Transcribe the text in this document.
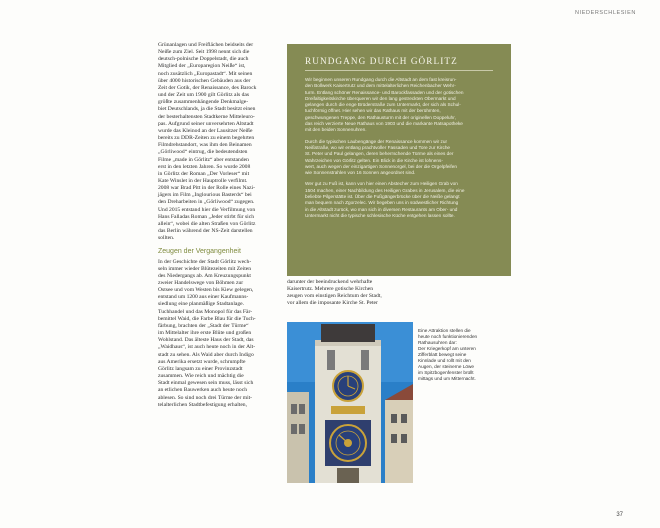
NIEDERSCHLESIEN

Grünanlagen und Freiflächen beidseits der

Neiße zum Ziel. Seit 1998 nennt sich die

deutsch-polnische Doppelstadt, die auch

Mitglied der „Europaregion Neiße“ ist,

noch zusätzlich „Europastadt“. Mit seinen

über 4000 historischen Gebäuden aus der

Zeit der Gotik, der Renaissance, des Barock

und der Zeit um 1900 gilt Görlitz als das

größte zusammenhängende Denkmalge-

biet Deutschlands, ja die Stadt besitzt einen

der besterhaltensten Stadtkerne Mitteleuro-

pas. Aufgrund seiner unversehrten Altstadt

wurde das Kleinod an der Lausitzer Neiße

bereits zu DDR-Zeiten zu einem begehrten

Filmdrehstandort, was ihm den Beinamen

„Görliwood“ eintrug, die bedeutendsten

Filme „made in Görlitz“ aber entstanden

erst in den letzten Jahren. So wurde 2008

in Görlitz der Roman „Der Vorleser“ mit

Kate Winslet in der Hauptrolle verfilmt.

2008 war Brad Pitt in der Rolle eines Nazi-

jägers im Film „Inglourious Basterds“ bei

den Dreharbeiten in „Görliwood“ zugegen.

Und 2015 entstand hier die Verfilmung von

Hans Falladas Roman „Jeder stirbt für sich

allein“, wobei die alten Straßen von Görlitz

das Berlin während der NS-Zeit darstellen

sollten.

Zeugen der Vergangenheit

In der Geschichte der Stadt Görlitz wech-

seln immer wieder Blütezeiten mit Zeiten

des Niedergangs ab. Am Kreuzungspunkt

zweier Handelswege von Böhmen zur

Ostsee und vom Westen bis Kiew gelegen,

entstand um 1200 aus einer Kaufmanns-

siedlung eine planmäßige Stadtanlage.

Tuchhandel und das Monopol für das Fär-

bemittel Waid, die Farbe Blau für die Tuch-

färbung, brachten der „Stadt der Türme“

im Mittelalter ihre erste Blüte und großen

Wohlstand. Das älteste Haus der Stadt, das

„Waidhaus“, ist auch heute noch in der Alt-

stadt zu sehen. Als Waid aber durch Indigo

aus Amerika ersetzt wurde, schrumpfte

Görlitz langsam zu einer Provinzstadt

zusammen. Wie reich und mächtig die

Stadt einmal gewesen sein muss, lässt sich

an etlichen Bauwerken auch heute noch

ablesen. So sind noch drei Türme der mit-

telalterlichen Stadtbefestigung erhalten,

RUNDGANG DURCH GÖRLITZ

Wir beginnen unseren Rundgang durch die Altstadt an dem fast kreisrun-
den Bollwerk Kaisertrutz und dem mittelalterlichen Reichenbacher Wehr-
turm. Entlang schöner Renaissance- und Barockfassaden und der gotischen
Dreifaltigkeitskirche überqueren wir den lang gestreckten Obermarkt und
gelangen durch die enge Brüderstraße zum Untermarkt, der sich als Schul-
tuchförmig öffnet. Hier sehen wir das Rathaus mit der berühmten,
geschwungenen Treppe, den Rathausturm mit der originellen Doppeluhr,
das reich verzierte Neue Rathaus von 1903 und die markante Ratsapotheke
mit den beiden Sonnenuhren.

Durch die typischen Laubengänge der Renaissance kommen wir zur
Neißstraße, wo wir entlang prachtvoller Fassaden und Tore zur Kirche
St. Peter und Paul gelangen, deren beherrschende Türme als eines der
Wahrzeichen von Görlitz gelten. Ein Blick in die Kirche ist lohnens-
wert, auch wegen der einzigartigen Sonnenorgel, bei der die Orgelpfeifen
wie Sonnenstrahlen von 16 Sonnen angeordnet sind.

Wer gut zu Fuß ist, kann von hier einen Abstecher zum Heiligen Grab von
1504 machen, einer Nachbildung des Heiligen Grabes in Jerusalem, die eine
beliebte Pilgerstätte ist. Über die Fußgängerbrücke über die Neiße gelangt
man bequem nach Zgorzelec. Wir begeben uns in südwestlicher Richtung
in die Altstadt zurück, wo man sich in diversen Restaurants am Ober- und
Untermarkt nicht die typische schlesische Küche entgehen lassen sollte.

darunter der beeindruckend wehrhafte

Kaisertrutz. Mehrere gotische Kirchen

zeugen vom einstigen Reichtum der Stadt,

vor allem die imposante Kirche St. Peter

Eine Attraktion stellen die

heute noch funktionierenden

Rathausuhren dar:

Der Kriegerkopf am unteren

Zifferblatt bewegt seine

Kinnlade und rollt mit den

Augen, der steinerne Löwe

im Spitzbogenfenster brüllt

mittags und um Mitternacht.

37
